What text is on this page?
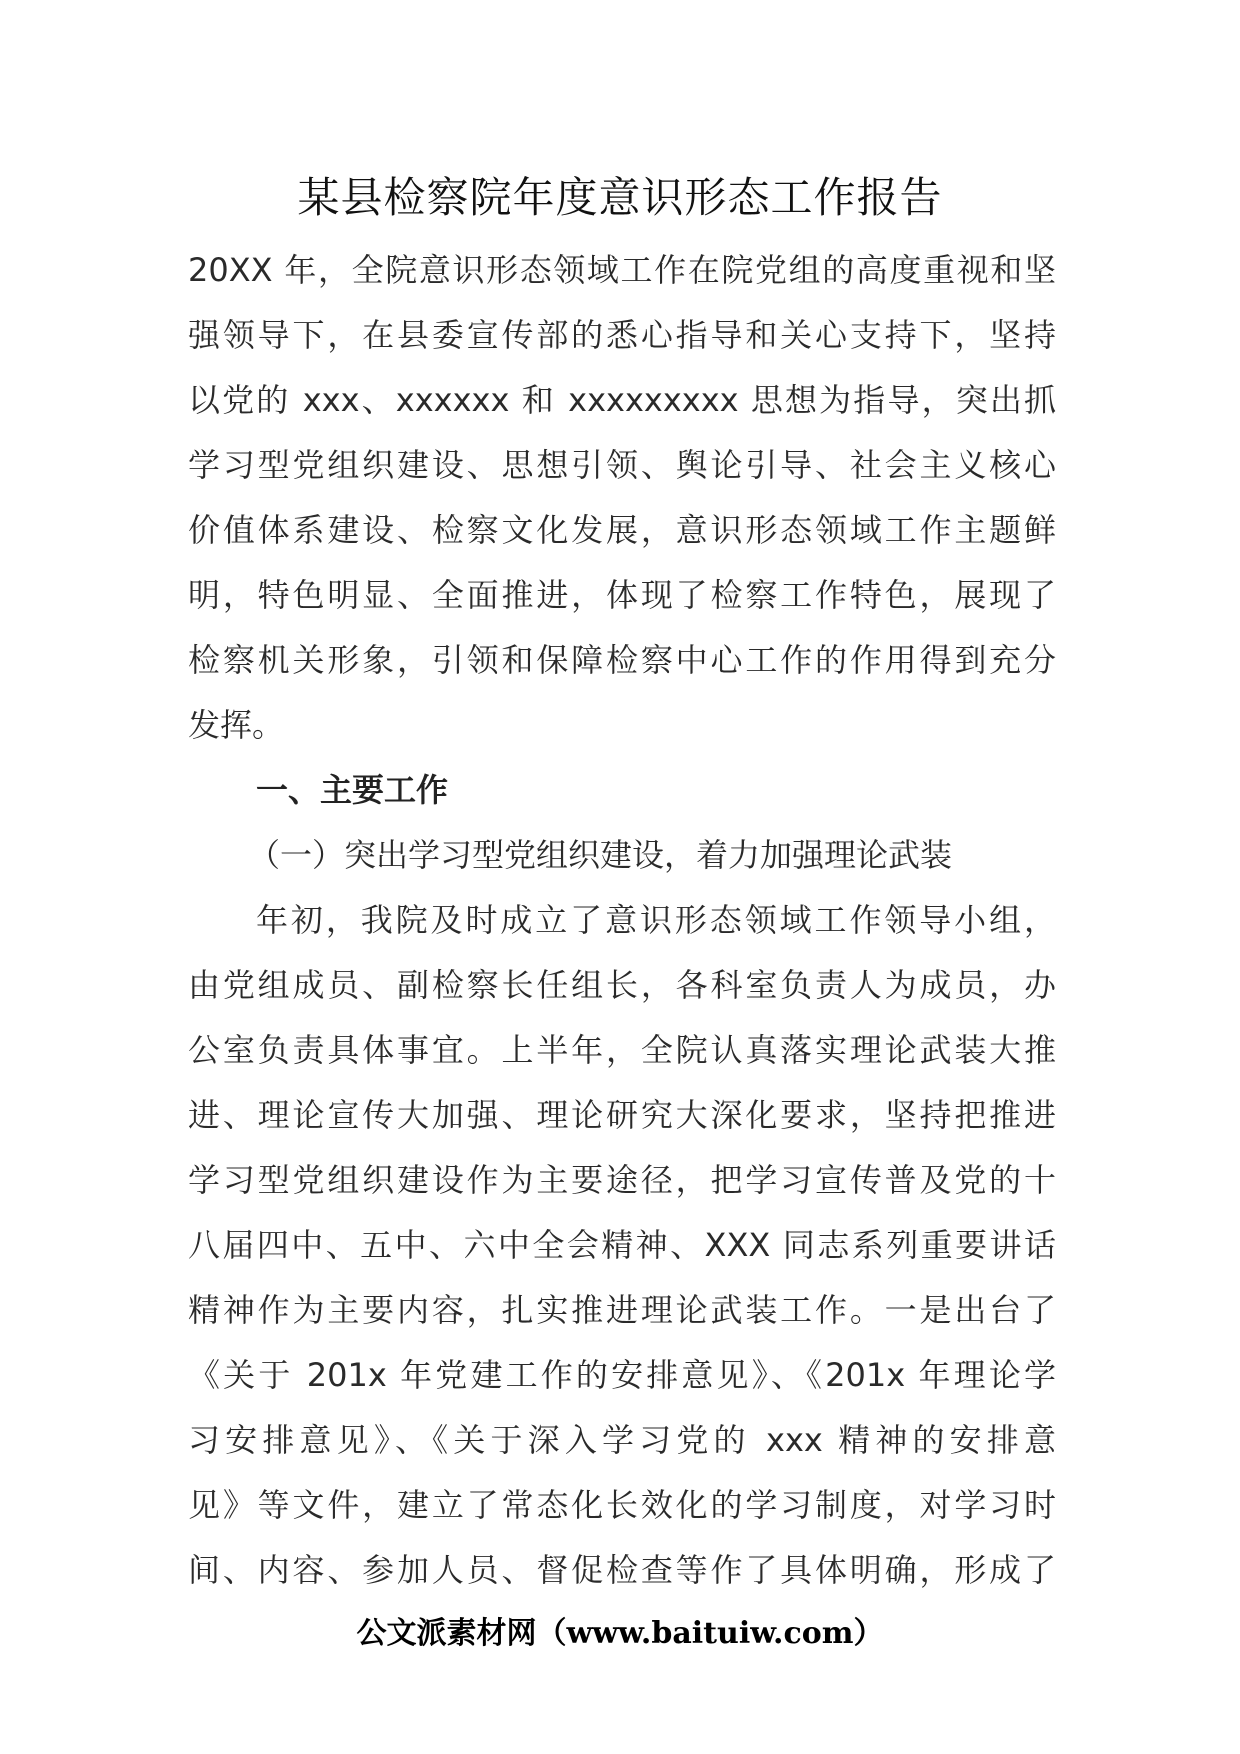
某县检察院年度意识形态工作报告
20XX 年，全院意识形态领域工作在院党组的高度重视和坚
强领导下，在县委宣传部的悉心指导和关心支持下，坚持
以党的 xxx、xxxxxx 和 xxxxxxxxx 思想为指导，突出抓
学习型党组织建设、思想引领、舆论引导、社会主义核心
价值体系建设、检察文化发展，意识形态领域工作主题鲜
明，特色明显、全面推进，体现了检察工作特色，展现了
检察机关形象，引领和保障检察中心工作的作用得到充分
发挥。
一、主要工作
（一）突出学习型党组织建设，着力加强理论武装
年初，我院及时成立了意识形态领域工作领导小组，
由党组成员、副检察长任组长，各科室负责人为成员，办
公室负责具体事宜。上半年，全院认真落实理论武装大推
进、理论宣传大加强、理论研究大深化要求，坚持把推进
学习型党组织建设作为主要途径，把学习宣传普及党的十
八届四中、五中、六中全会精神、XXX 同志系列重要讲话
精神作为主要内容，扎实推进理论武装工作。一是出台了
《关于 201x 年党建工作的安排意见》、《201x 年理论学
习安排意见》、《关于深入学习党的 xxx 精神的安排意
见》等文件，建立了常态化长效化的学习制度，对学习时
间、内容、参加人员、督促检查等作了具体明确，形成了
公文派素材网（www.baituiw.com）
